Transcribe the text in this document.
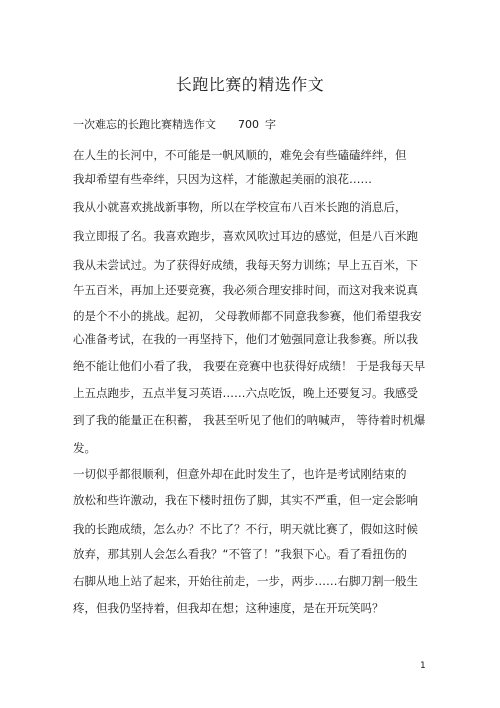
长跑比赛的精选作文
一次难忘的长跑比赛精选作文 700 字
在人生的长河中，不可能是一帆风顺的，难免会有些磕磕绊绊，但
我却希望有些牵绊，只因为这样，才能激起美丽的浪花……
我从小就喜欢挑战新事物，所以在学校宣布八百米长跑的消息后，
我立即报了名。我喜欢跑步，喜欢风吹过耳边的感觉，但是八百米跑
我从未尝试过。为了获得好成绩，我每天努力训练；早上五百米，下
午五百米，再加上还要竞赛，我必须合理安排时间，而这对我来说真
的是个不小的挑战。起初， 父母教师都不同意我参赛，他们希望我安
心准备考试，在我的一再坚持下，他们才勉强同意让我参赛。所以我
绝不能让他们小看了我， 我要在竞赛中也获得好成绩！ 于是我每天早
上五点跑步，五点半复习英语……六点吃饭，晚上还要复习。我感受
到了我的能量正在积蓄， 我甚至听见了他们的呐喊声， 等待着时机爆
发。
一切似乎都很顺利，但意外却在此时发生了，也许是考试刚结束的
放松和些许激动，我在下楼时扭伤了脚，其实不严重，但一定会影响
我的长跑成绩，怎么办？不比了？不行，明天就比赛了，假如这时候
放弃，那其别人会怎么看我？“不管了！”我狠下心。看了看扭伤的
右脚从地上站了起来，开始往前走，一步，两步……右脚刀割一般生
疼，但我仍坚持着，但我却在想；这种速度，是在开玩笑吗？
1
